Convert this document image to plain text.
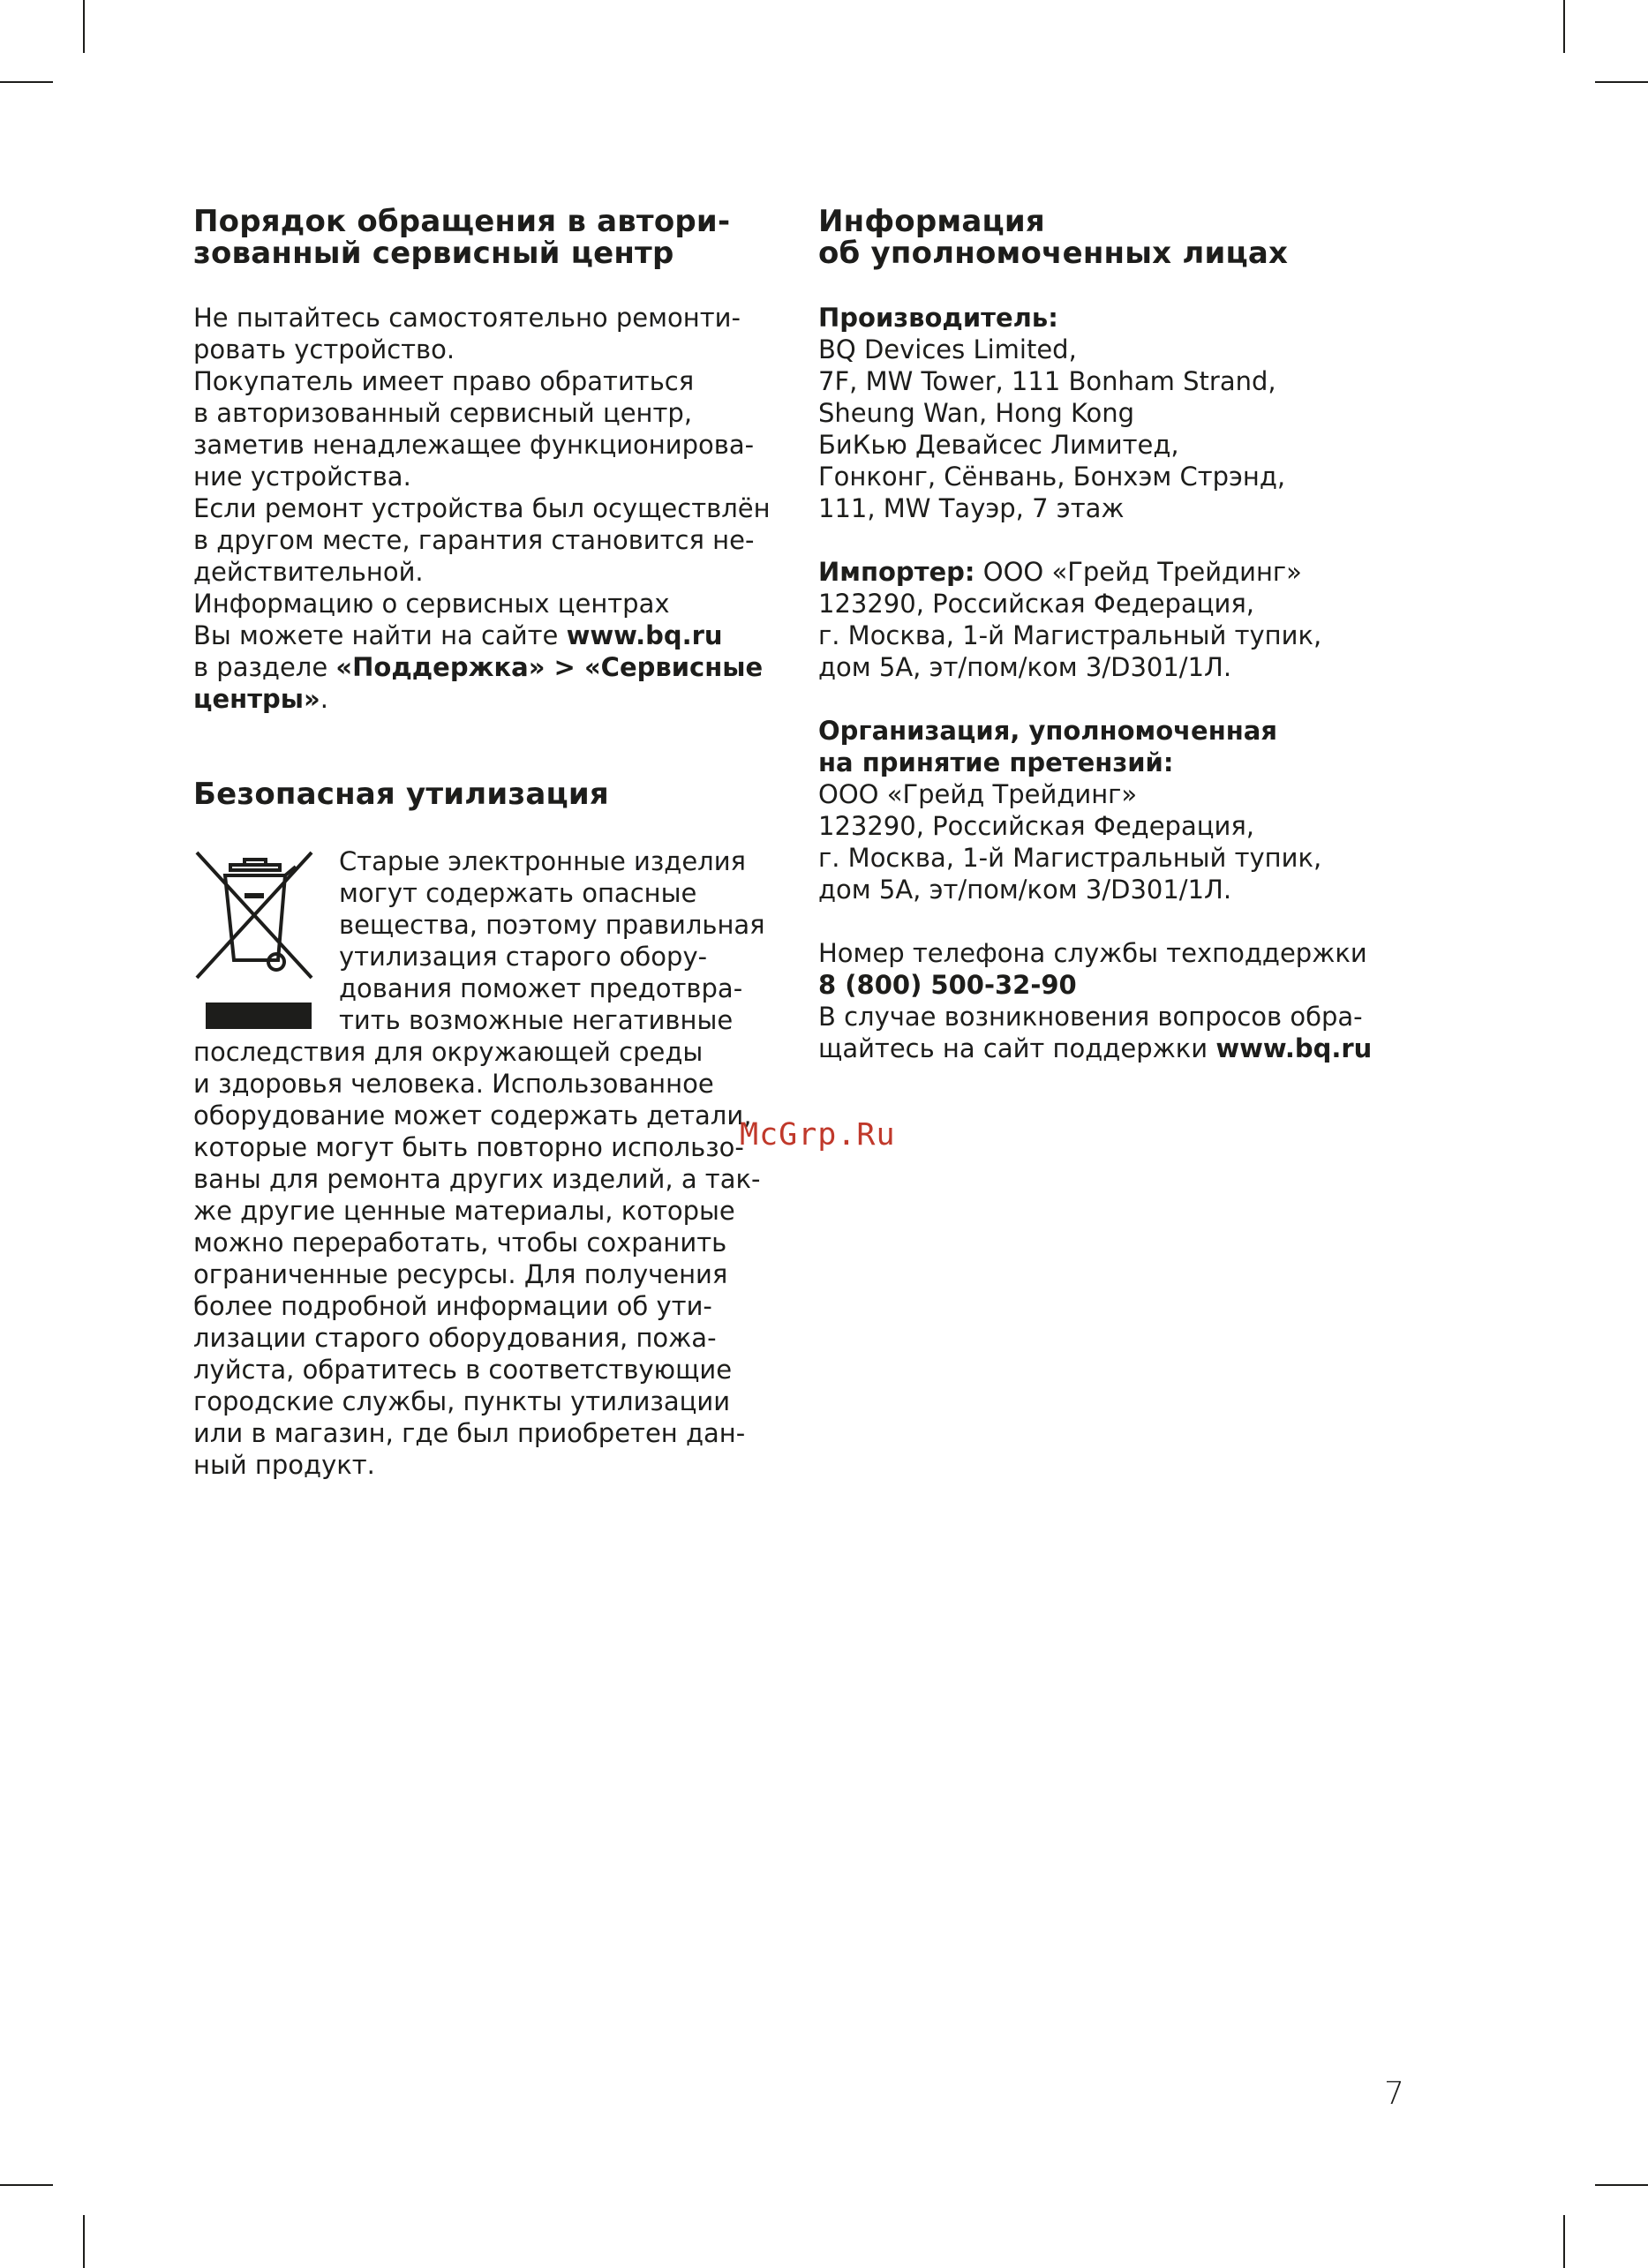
Порядок обращения в автори-
зованный сервисный центр

Не пытайтесь самостоятельно ремонти-
ровать устройство.
Покупатель имеет право обратиться
в авторизованный сервисный центр,
заметив ненадлежащее функционирова-
ние устройства.
Если ремонт устройства был осуществлён
в другом месте, гарантия становится не-
действительной.
Информацию о сервисных центрах
Вы можете найти на сайте www.bq.ru
в разделе «Поддержка» > «Сервисные
центры».

Безопасная утилизация

Старые электронные изделия
могут содержать опасные
вещества, поэтому правильная
утилизация старого обору-
дования поможет предотвра-
тить возможные негативные

последствия для окружающей среды
и здоровья человека. Использованное
оборудование может содержать детали,
которые могут быть повторно использо-
ваны для ремонта других изделий, а так-
же другие ценные материалы, которые
можно переработать, чтобы сохранить
ограниченные ресурсы. Для получения
более подробной информации об ути-
лизации старого оборудования, пожа-
луйста, обратитесь в соответствующие
городские службы, пункты утилизации
или в магазин, где был приобретен дан-
ный продукт.

Информация
об уполномоченных лицах

Производитель:
BQ Devices Limited,
7F, MW Tower, 111 Bonham Strand,
Sheung Wan, Hong Kong
БиКью Девайсес Лимитед,
Гонконг, Сёнвань, Бонхэм Стрэнд,
111, MW Тауэр, 7 этаж

Импортер: ООО «Грейд Трейдинг»
123290, Российская Федерация,
г. Москва, 1-й Магистральный тупик,
дом 5А, эт/пом/ком 3/D301/1Л.

Организация, уполномоченная
на принятие претензий:
ООО «Грейд Трейдинг»
123290, Российская Федерация,
г. Москва, 1-й Магистральный тупик,
дом 5А, эт/пом/ком 3/D301/1Л.

Номер телефона службы техподдержки
8 (800) 500-32-90
В случае возникновения вопросов обра-
щайтесь на сайт поддержки www.bq.ru

McGrp.Ru
7
